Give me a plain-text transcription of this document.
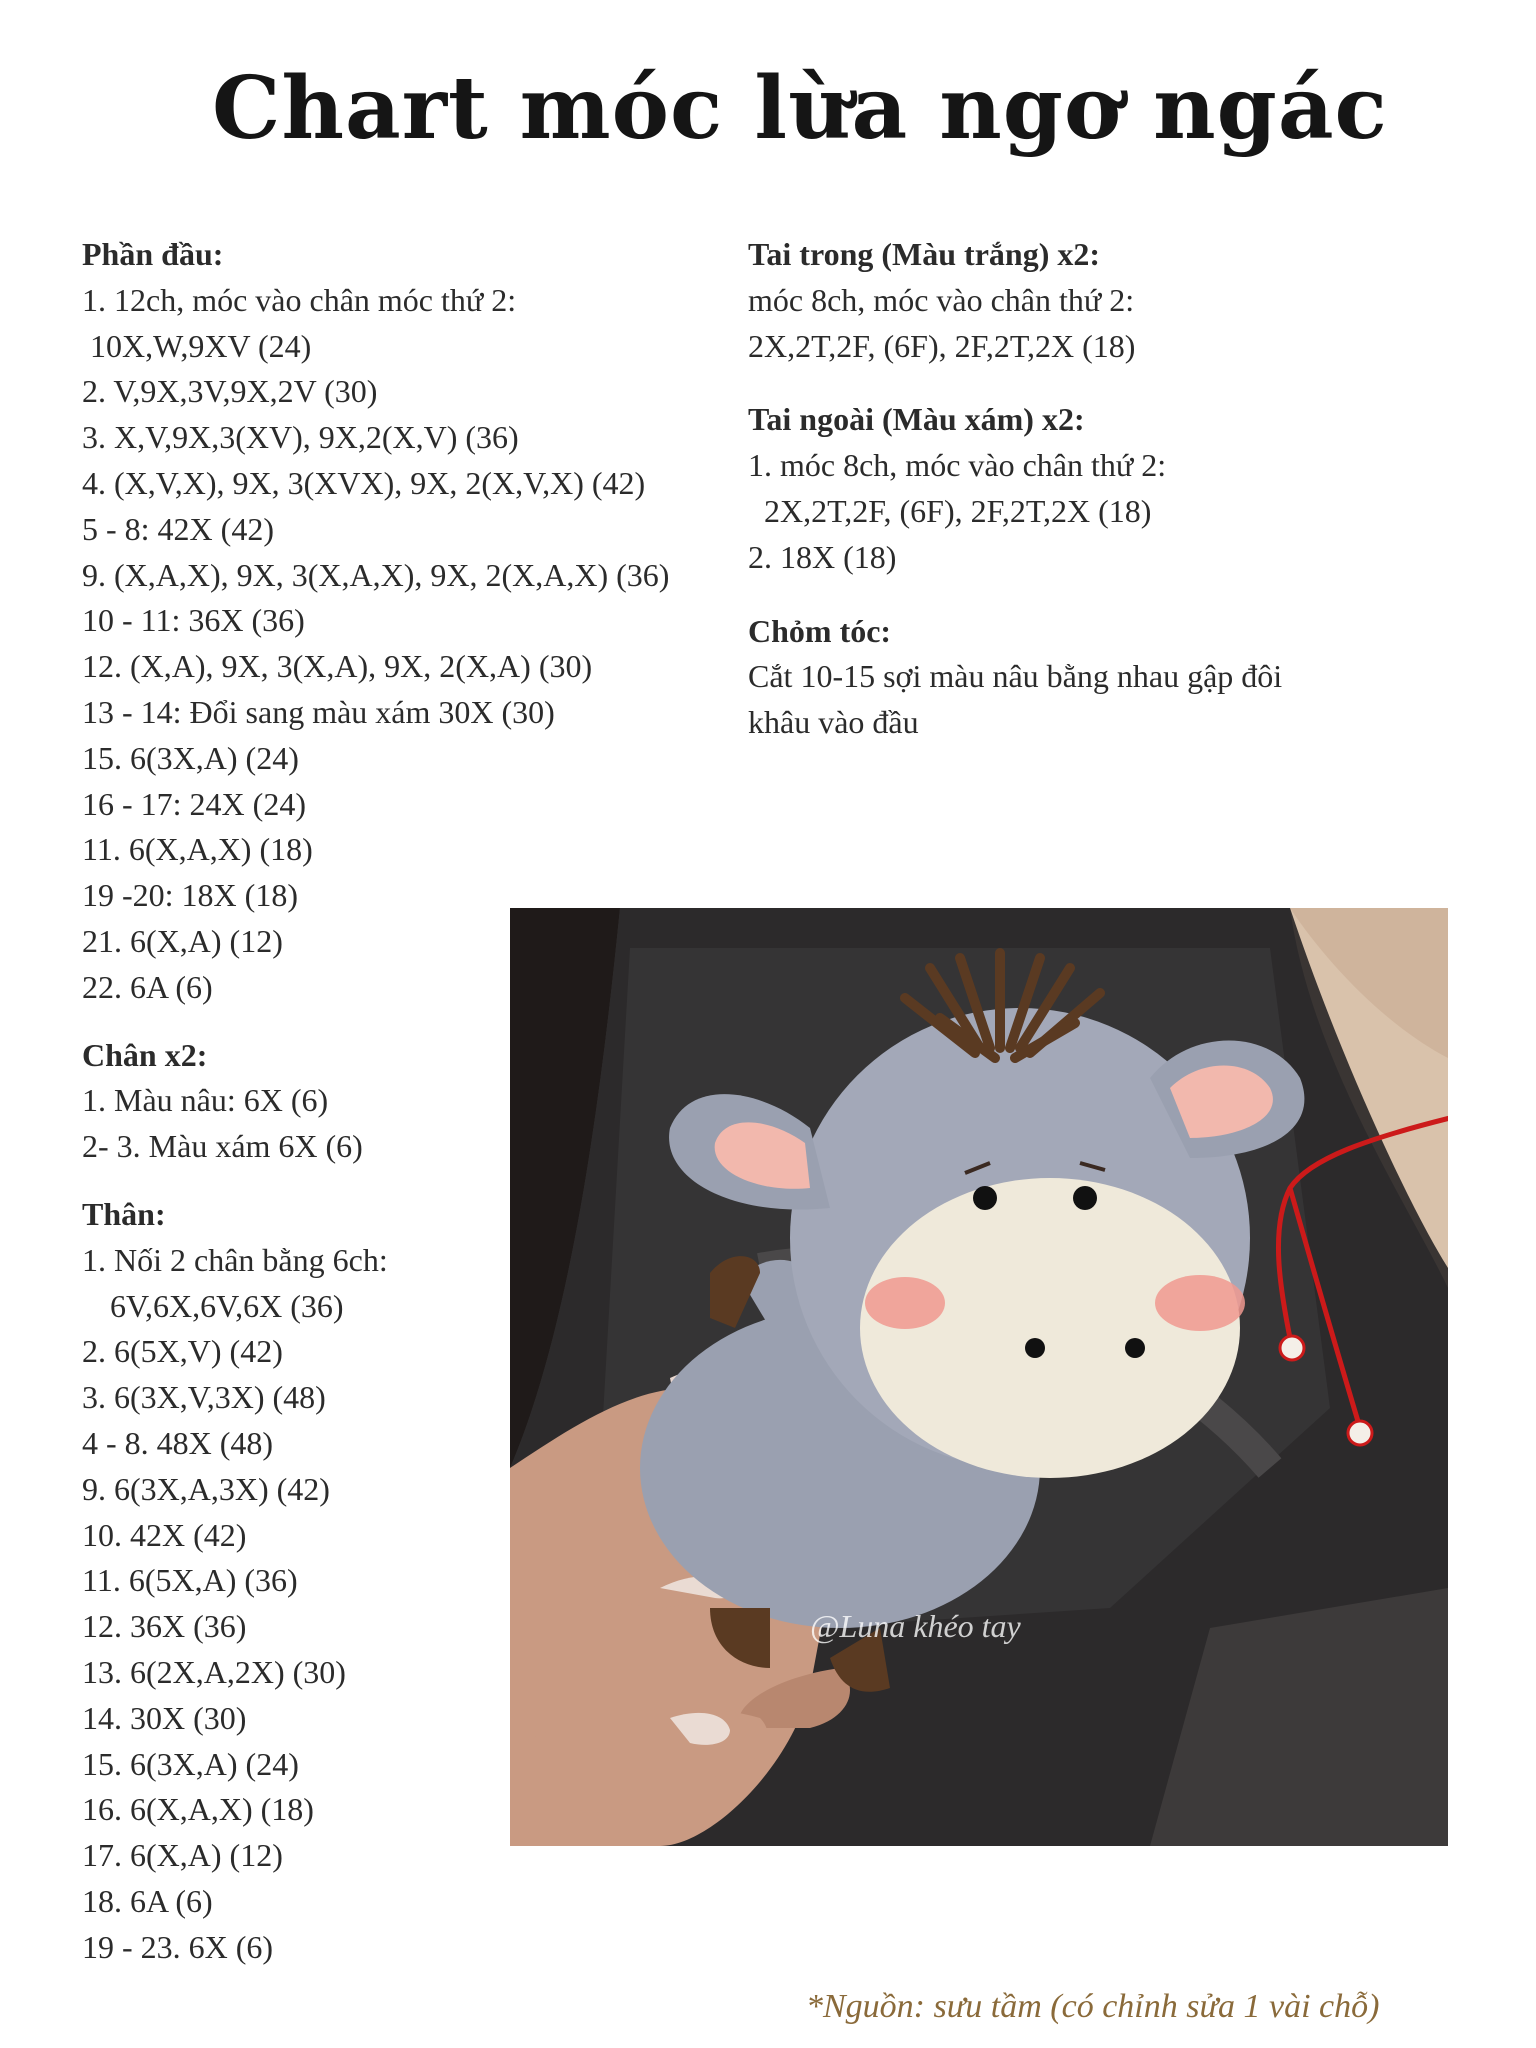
Chart móc lừa ngơ ngác
Phần đầu:
1. 12ch, móc vào chân móc thứ 2:
10X,W,9XV (24)
2. V,9X,3V,9X,2V (30)
3. X,V,9X,3(XV), 9X,2(X,V) (36)
4. (X,V,X), 9X, 3(XVX), 9X, 2(X,V,X) (42)
5 - 8: 42X (42)
9. (X,A,X), 9X, 3(X,A,X), 9X, 2(X,A,X) (36)
10 - 11: 36X (36)
12. (X,A), 9X, 3(X,A), 9X, 2(X,A) (30)
13 - 14: Đổi sang màu xám 30X (30)
15. 6(3X,A) (24)
16 - 17: 24X (24)
11. 6(X,A,X) (18)
19 -20: 18X (18)
21. 6(X,A) (12)
22. 6A (6)
Chân x2:
1. Màu nâu: 6X (6)
2- 3. Màu xám 6X (6)
Thân:
1. Nối 2 chân bằng 6ch:
6V,6X,6V,6X (36)
2. 6(5X,V) (42)
3. 6(3X,V,3X) (48)
4 - 8. 48X (48)
9. 6(3X,A,3X) (42)
10. 42X (42)
11. 6(5X,A) (36)
12. 36X (36)
13. 6(2X,A,2X) (30)
14. 30X (30)
15. 6(3X,A) (24)
16. 6(X,A,X) (18)
17. 6(X,A) (12)
18. 6A (6)
19 - 23. 6X (6)
Tai trong (Màu trắng) x2:
móc 8ch, móc vào chân thứ 2:
2X,2T,2F, (6F), 2F,2T,2X (18)
Tai ngoài (Màu xám) x2:
1. móc 8ch, móc vào chân thứ 2:
2X,2T,2F, (6F), 2F,2T,2X (18)
2. 18X (18)
Chỏm tóc:
Cắt 10-15 sợi màu nâu bằng nhau gập đôi
khâu vào đầu
@Luna khéo tay
*Nguồn: sưu tầm (có chỉnh sửa 1 vài chỗ)
